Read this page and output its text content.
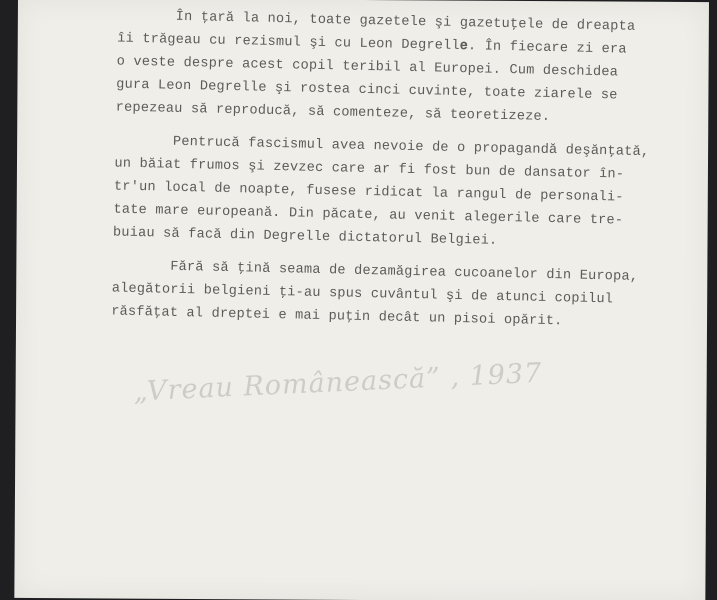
În ţară la noi, toate gazetele şi gazetuţele de dreapta
îi trăgeau cu rezismul şi cu Leon Degrell𝐞. În fiecare zi era
o veste despre acest copil teribil al Europei. Cum deschidea
gura Leon Degrelle şi rostea cinci cuvinte, toate ziarele se
repezeau să reproducă, să comenteze, să teoretizeze.
Pentrucă fascismul avea nevoie de o propagandă deşănţată,
un băiat frumos şi zevzec care ar fi fost bun de dansator în-
tr'un local de noapte, fusese ridicat la rangul de personali-
tate mare europeană. Din păcate, au venit alegerile care tre-
buiau să facă din Degrelle dictatorul Belgiei.
Fără să ţină seama de dezamăgirea cucoanelor din Europa,
alegătorii belgieni ţi-au spus cuvântul şi de atunci copilul
răsfăţat al dreptei e mai puţin decât un pisoi opărit.
„Vreau Românească” , 1937
